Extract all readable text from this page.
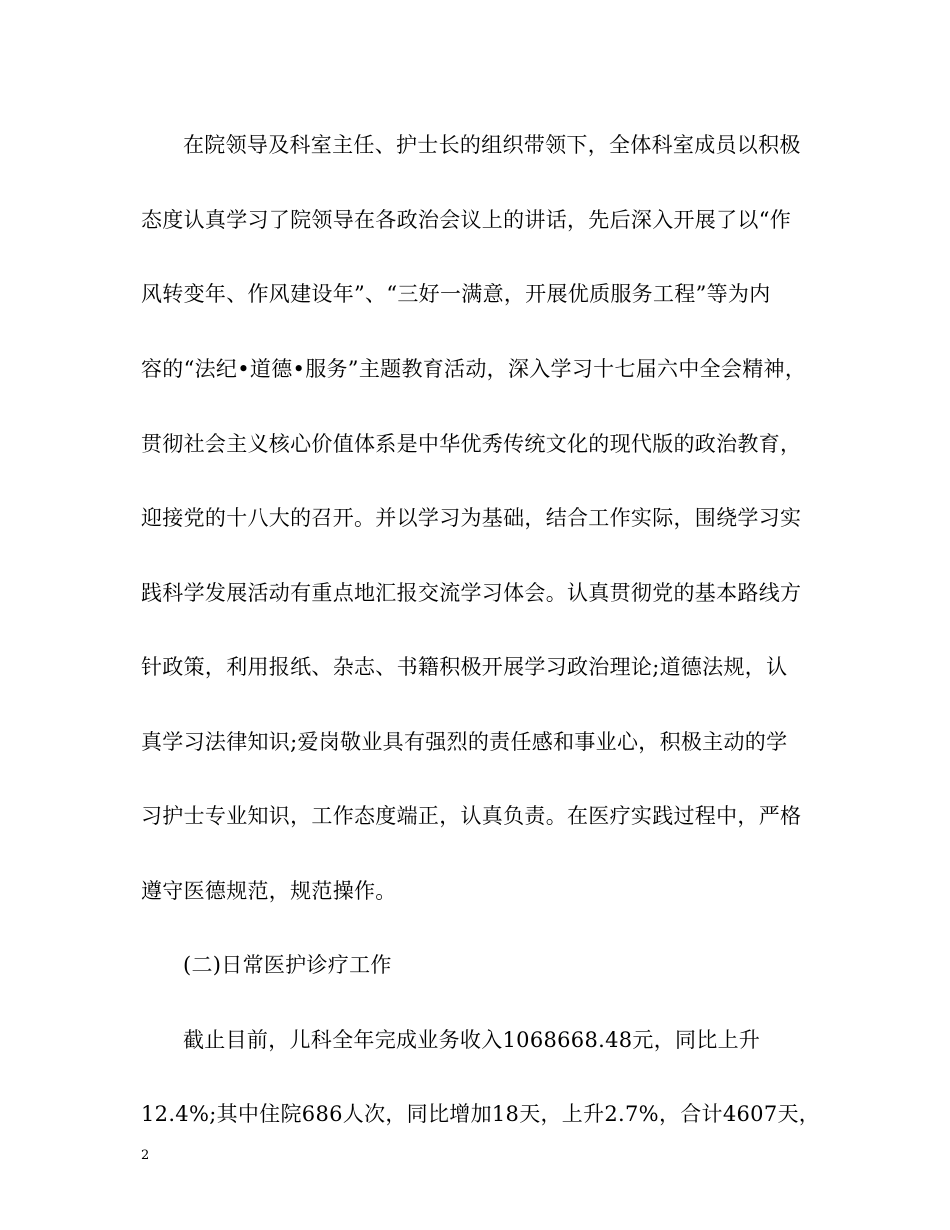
在院领导及科室主任、护士长的组织带领下，全体科室成员以积极
态度认真学习了院领导在各政治会议上的讲话，先后深入开展了以“作
风转变年、作风建设年”、“三好一满意，开展优质服务工程”等为内
容的“法纪•道德•服务”主题教育活动，深入学习十七届六中全会精神，
贯彻社会主义核心价值体系是中华优秀传统文化的现代版的政治教育，
迎接党的十八大的召开。并以学习为基础，结合工作实际，围绕学习实
践科学发展活动有重点地汇报交流学习体会。认真贯彻党的基本路线方
针政策，利用报纸、杂志、书籍积极开展学习政治理论;道德法规，认
真学习法律知识;爱岗敬业具有强烈的责任感和事业心，积极主动的学
习护士专业知识，工作态度端正，认真负责。在医疗实践过程中，严格
遵守医德规范，规范操作。
(二)日常医护诊疗工作
截止目前，儿科全年完成业务收入1068668.48元，同比上升
12.4%;其中住院686人次，同比增加18天，上升2.7%，合计4607天，
2
